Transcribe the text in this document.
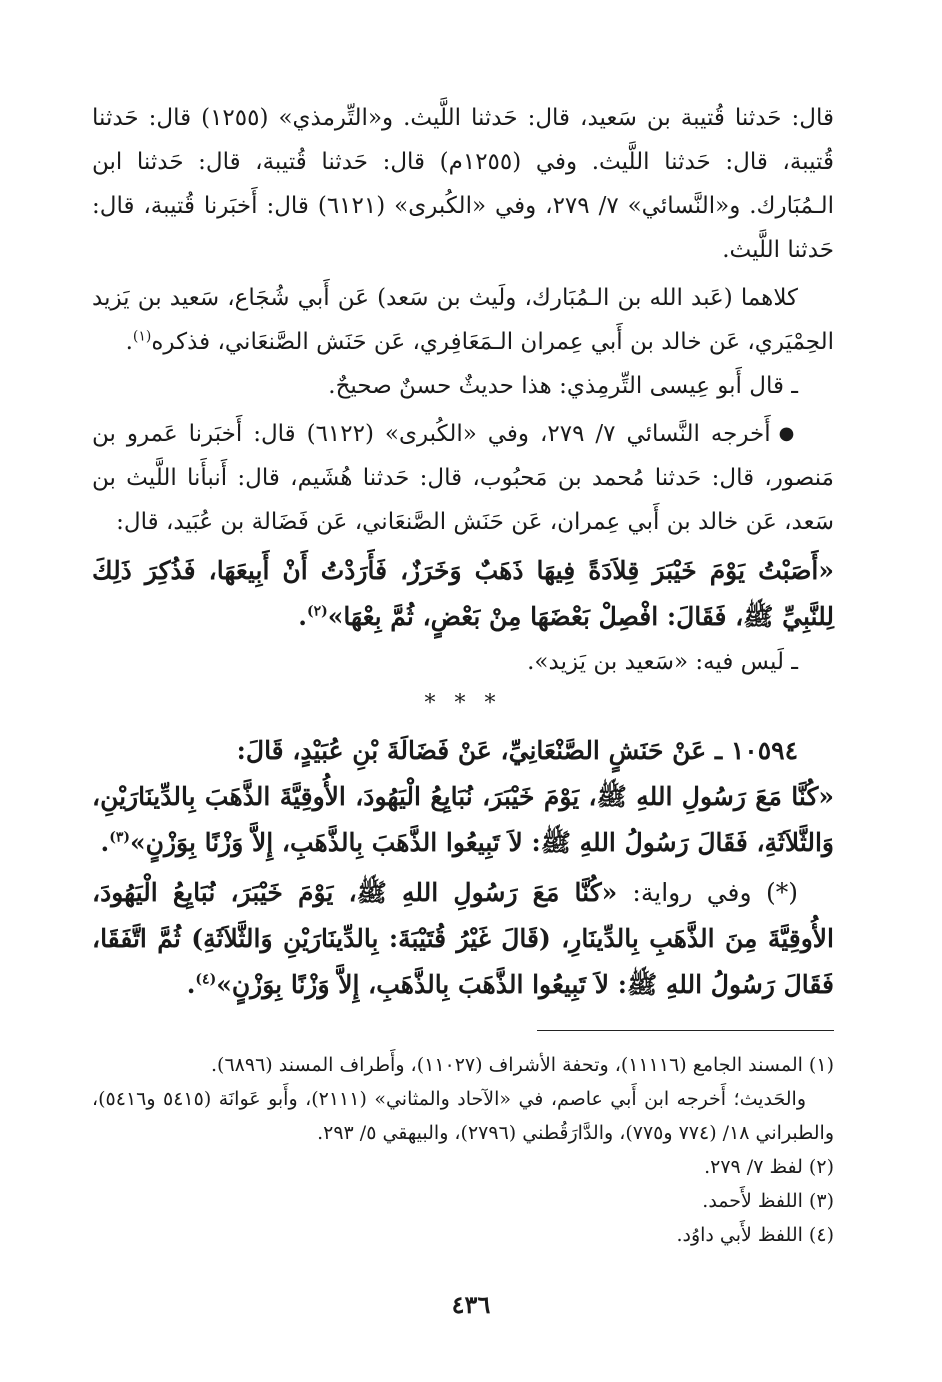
قال: حَدثنا قُتيبة بن سَعيد، قال: حَدثنا اللَّيث. و«التِّرمذي» (١٢٥٥) قال: حَدثنا قُتيبة، قال: حَدثنا اللَّيث. وفي (١٢٥٥م) قال: حَدثنا قُتيبة، قال: حَدثنا ابن الـمُبَارك. و«النَّسائي» ٧/ ٢٧٩، وفي «الكُبرى» (٦١٢١) قال: أَخبَرنا قُتيبة، قال: حَدثنا اللَّيث.

كلاهما (عَبد الله بن الـمُبَارك، ولَيث بن سَعد) عَن أَبي شُجَاع، سَعيد بن يَزيد الحِمْيَري، عَن خالد بن أَبي عِمران الـمَعَافِري، عَن حَنَش الصَّنعَاني، فذكره$^{(١)}$.

ـ قال أَبو عِيسى التِّرمِذي: هذا حديثٌ حسنٌ صحيحٌ.

●أَخرجه النَّسائي ٧/ ٢٧٩، وفي «الكُبرى» (٦١٢٢) قال: أَخبَرنا عَمرو بن مَنصور، قال: حَدثنا مُحمد بن مَحبُوب، قال: حَدثنا هُشَيم، قال: أَنبأَنا اللَّيث بن سَعد، عَن خالد بن أَبي عِمران، عَن حَنَش الصَّنعَاني، عَن فَضَالة بن عُبَيد، قال:

«أَصَبْتُ يَوْمَ خَيْبَرَ قِلاَدَةً فِيهَا ذَهَبٌ وَخَرَزٌ، فَأَرَدْتُ أَنْ أَبِيعَهَا، فَذُكِرَ ذَلِكَ لِلنَّبِيِّ ﷺ، فَقَالَ: افْصِلْ بَعْضَهَا مِنْ بَعْضٍ، ثُمَّ بِعْهَا»$^{(٢)}$.

ـ لَيس فيه: «سَعيد بن يَزيد».

* * *

١٠٥٩٤ ـ عَنْ حَنَشٍ الصَّنْعَانِيِّ، عَنْ فَضَالَةَ بْنِ عُبَيْدٍ، قَالَ:

«كُنَّا مَعَ رَسُولِ اللهِ ﷺ، يَوْمَ خَيْبَرَ، نُبَايِعُ الْيَهُودَ، الأُوقِيَّةَ الذَّهَبَ بِالدِّينَارَيْنِ، وَالثَّلاَثَةِ، فَقَالَ رَسُولُ اللهِ ﷺ: لاَ تَبِيعُوا الذَّهَبَ بِالذَّهَبِ، إِلاَّ وَزْنًا بِوَزْنٍ»$^{(٣)}$.

(*) وفي رواية: «كُنَّا مَعَ رَسُولِ اللهِ ﷺ، يَوْمَ خَيْبَرَ، نُبَايِعُ الْيَهُودَ، الأُوقِيَّةَ مِنَ الذَّهَبِ بِالدِّينَارِ، (قَالَ غَيْرُ قُتَيْبَةَ: بِالدِّينَارَيْنِ وَالثَّلاَثَةِ) ثُمَّ اتَّفَقَا، فَقَالَ رَسُولُ اللهِ ﷺ: لاَ تَبِيعُوا الذَّهَبَ بِالذَّهَبِ، إِلاَّ وَزْنًا بِوَزْنٍ»$^{(٤)}$.

(١) المسند الجامع (١١١١٦)، وتحفة الأشراف (١١٠٢٧)، وأَطراف المسند (٦٨٩٦).

والحَديث؛ أَخرجه ابن أَبي عاصم، في «الآحاد والمثاني» (٢١١١)، وأَبو عَوانَة (٥٤١٥ و٥٤١٦)، والطبراني ١٨/ (٧٧٤ و٧٧٥)، والدَّارَقُطني (٢٧٩٦)، والبيهقي ٥/ ٢٩٣.

(٢) لفظ ٧/ ٢٧٩.

(٣) اللفظ لأَحمد.

(٤) اللفظ لأَبي داوُد.

٤٣٦
